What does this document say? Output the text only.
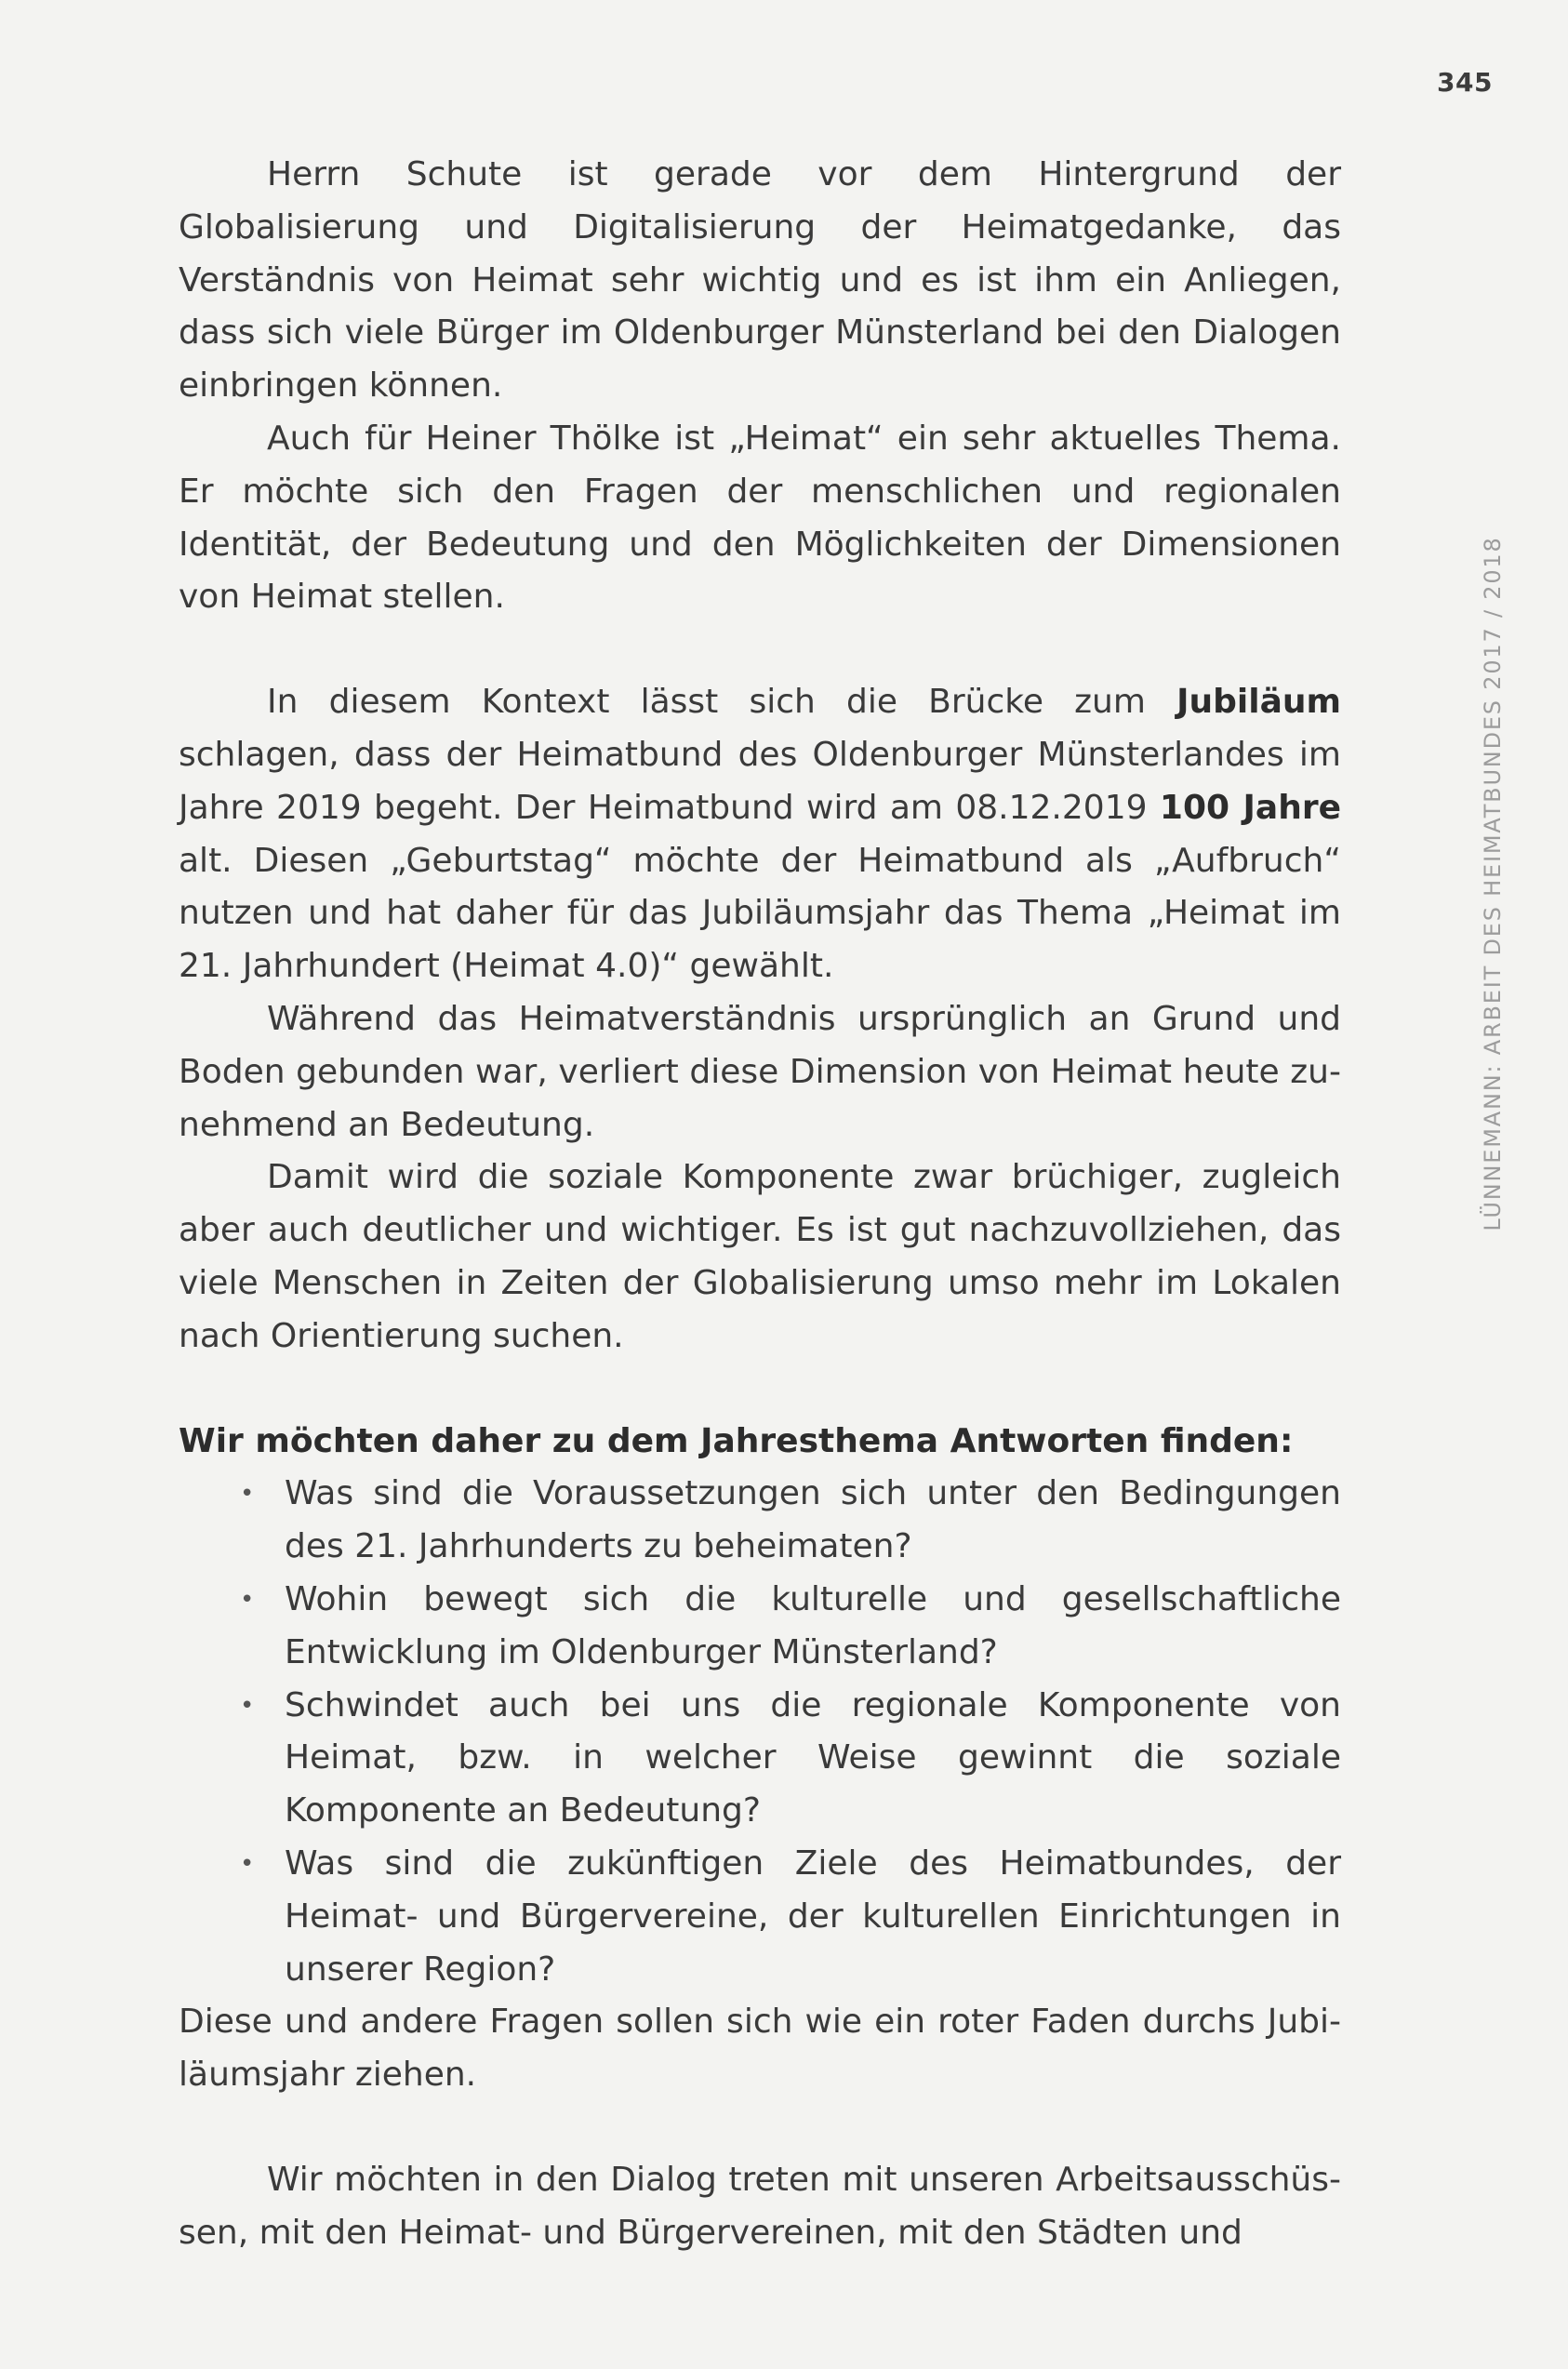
345
LÜNNEMANN: ARBEIT DES HEIMATBUNDES 2017 / 2018

Herrn Schute ist gerade vor dem Hintergrund der Globalisierung und Digitalisierung der Heimatgedanke, das Verständnis von Heimat sehr wichtig und es ist ihm ein Anliegen, dass sich viele Bürger im Oldenburger Münsterland bei den Dialogen einbringen können.

Auch für Heiner Thölke ist „Heimat“ ein sehr aktuelles Thema. Er möchte sich den Fragen der menschlichen und regionalen Identität, der Bedeutung und den Möglichkeiten der Dimensionen von Heimat stellen.

In diesem Kontext lässt sich die Brücke zum Jubiläum schlagen, dass der Heimatbund des Oldenburger Münsterlandes im Jahre 2019 begeht. Der Heimatbund wird am 08.12.2019 100 Jahre alt. Diesen „Geburtstag“ möchte der Heimatbund als „Aufbruch“ nutzen und hat daher für das Jubiläumsjahr das Thema „Heimat im 21. Jahrhundert (Heimat 4.0)“ gewählt.

Während das Heimatverständnis ursprünglich an Grund und Boden gebunden war, verliert diese Dimension von Heimat heute zunehmend an Bedeutung.

Damit wird die soziale Komponente zwar brüchiger, zugleich aber auch deutlicher und wichtiger. Es ist gut nachzuvollziehen, das viele Menschen in Zeiten der Globalisierung umso mehr im Lokalen nach Orientierung suchen.

Wir möchten daher zu dem Jahresthema Antworten finden:

• Was sind die Voraussetzungen sich unter den Bedingungen des 21. Jahrhunderts zu beheimaten?
• Wohin bewegt sich die kulturelle und gesellschaftliche Entwicklung im Oldenburger Münsterland?
• Schwindet auch bei uns die regionale Komponente von Heimat, bzw. in welcher Weise gewinnt die soziale Komponente an Bedeutung?
• Was sind die zukünftigen Ziele des Heimatbundes, der Heimat- und Bürgervereine, der kulturellen Einrichtungen in unserer Region?

Diese und andere Fragen sollen sich wie ein roter Faden durchs Jubiläumsjahr ziehen.

Wir möchten in den Dialog treten mit unseren Arbeitsausschüssen, mit den Heimat- und Bürgervereinen, mit den Städten und
